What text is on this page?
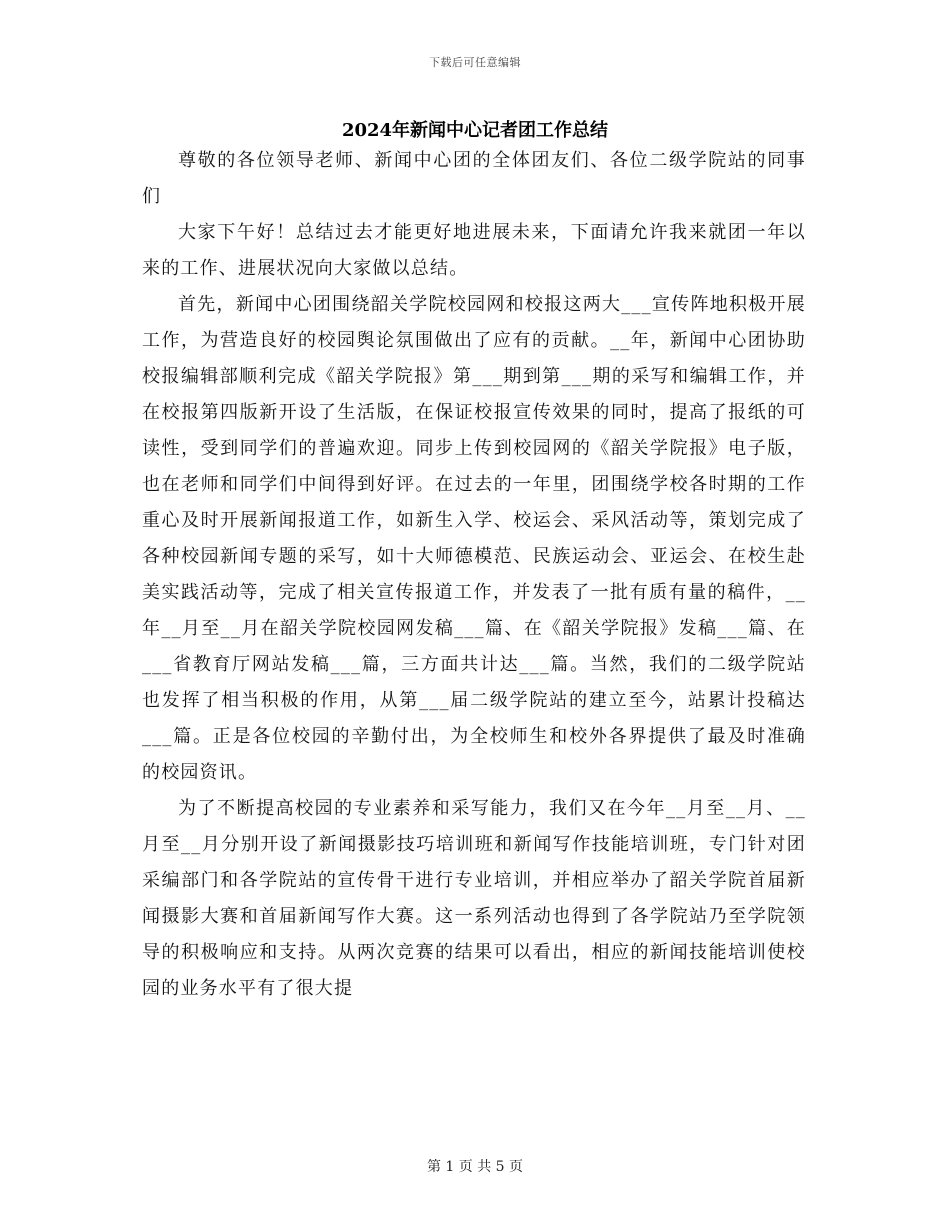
下载后可任意编辑
2024年新闻中心记者团工作总结

尊敬的各位领导老师、新闻中心团的全体团友们、各位二级学院站的同事们

大家下午好！总结过去才能更好地进展未来，下面请允许我来就团一年以来的工作、进展状况向大家做以总结。

首先，新闻中心团围绕韶关学院校园网和校报这两大___宣传阵地积极开展工作，为营造良好的校园舆论氛围做出了应有的贡献。__年，新闻中心团协助校报编辑部顺利完成《韶关学院报》第___期到第___期的采写和编辑工作，并在校报第四版新开设了生活版，在保证校报宣传效果的同时，提高了报纸的可读性，受到同学们的普遍欢迎。同步上传到校园网的《韶关学院报》电子版，也在老师和同学们中间得到好评。在过去的一年里，团围绕学校各时期的工作重心及时开展新闻报道工作，如新生入学、校运会、采风活动等，策划完成了各种校园新闻专题的采写，如十大师德模范、民族运动会、亚运会、在校生赴美实践活动等，完成了相关宣传报道工作，并发表了一批有质有量的稿件，__年__月至__月在韶关学院校园网发稿___篇、在《韶关学院报》发稿___篇、在___省教育厅网站发稿___篇，三方面共计达___篇。当然，我们的二级学院站也发挥了相当积极的作用，从第___届二级学院站的建立至今，站累计投稿达___篇。正是各位校园的辛勤付出，为全校师生和校外各界提供了最及时准确的校园资讯。

为了不断提高校园的专业素养和采写能力，我们又在今年__月至__月、__月至__月分别开设了新闻摄影技巧培训班和新闻写作技能培训班，专门针对团采编部门和各学院站的宣传骨干进行专业培训，并相应举办了韶关学院首届新闻摄影大赛和首届新闻写作大赛。这一系列活动也得到了各学院站乃至学院领导的积极响应和支持。从两次竞赛的结果可以看出，相应的新闻技能培训使校园的业务水平有了很大提

第 1 页 共 5 页
